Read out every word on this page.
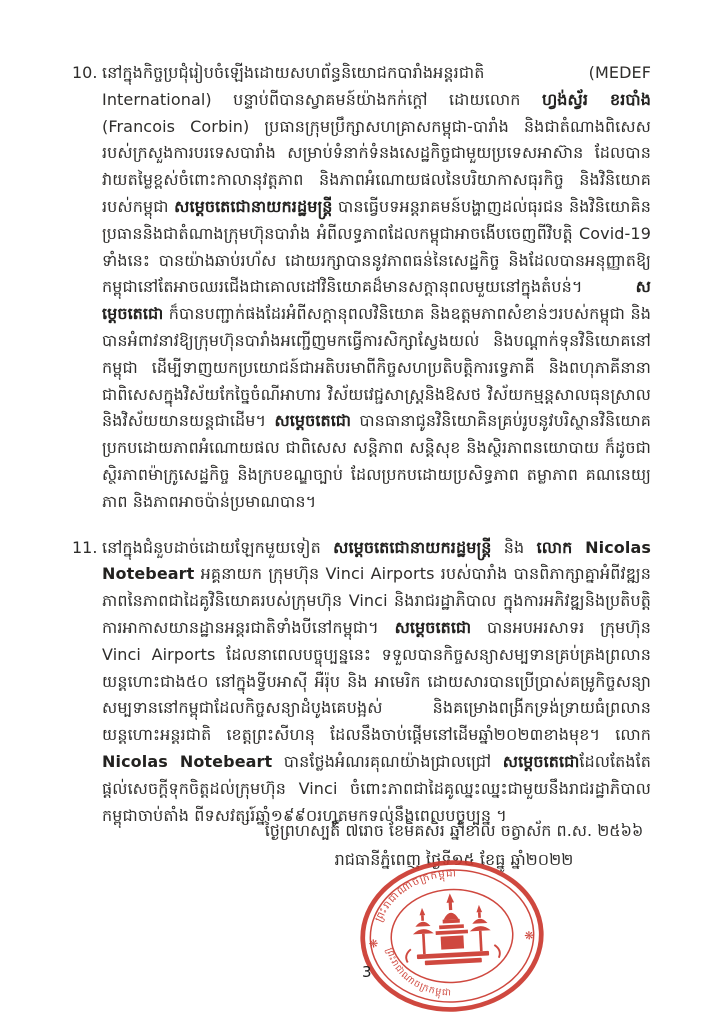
10. នៅក្នុងកិច្ចប្រជុំរៀបចំឡើងដោយសហព័ន្ធនិយោជកបារាំងអន្តរជាតិ (MEDEF International) បន្ទាប់ពីបានស្វាគមន៍យ៉ាងកក់ក្តៅ ដោយលោក ហ្វង់ស្វ័រ ខរបាំង (Francois Corbin) ប្រធានក្រុមប្រឹក្សាសហគ្រាសកម្ពុជា-បារាំង និងជាតំណាងពិសេសរបស់ក្រសួងការបរទេសបារាំង សម្រាប់ទំនាក់ទំនងសេដ្ឋកិច្ចជាមួយប្រទេសអាស៊ាន ដែលបានវាយតម្លៃខ្ពស់ចំពោះកាលានុវត្តភាព និងភាពអំណោយផលនៃបរិយាកាសធុរកិច្ច និងវិនិយោគរបស់កម្ពុជា សម្តេចតេជោនាយករដ្ឋមន្ត្រី បានធ្វើបទអន្តរាគមន៍បង្ហាញដល់ធុរជន និងវិនិយោគិន ប្រធាននិងជាតំណាងក្រុមហ៊ុនបារាំង អំពីលទ្ធភាពដែលកម្ពុជាអាចងើបចេញពីវិបត្តិ Covid-19 ទាំងនេះ បានយ៉ាងឆាប់រហ័ស ដោយរក្សាបាននូវភាពធន់នៃសេដ្ឋកិច្ច និងដែលបានអនុញ្ញាតឱ្យកម្ពុជានៅតែអាចឈរជើងជាគោលដៅវិនិយោគដ៏មានសក្តានុពលមួយនៅក្នុងតំបន់។ សម្តេចតេជោ ក៏បានបញ្ជាក់ផងដែរអំពីសក្តានុពលវិនិយោគ និងឧត្តមភាពសំខាន់ៗរបស់កម្ពុជា និងបានអំពាវនាវឱ្យក្រុមហ៊ុនបារាំងអញ្ជើញមកធ្វើការសិក្សាស្វែងយល់ និងបណ្តាក់ទុនវិនិយោគនៅកម្ពុជា ដើម្បីទាញយកប្រយោជន៍ជាអតិបរមាពីកិច្ចសហប្រតិបត្តិការទ្វេភាគី និងពហុភាគីនានា ជាពិសេសក្នុងវិស័យកែច្នៃចំណីអាហារ វិស័យវេជ្ជសាស្ត្រនិងឱសថ វិស័យកម្មន្តសាលធុនស្រាល និងវិស័យយានយន្តជាដើម។ សម្តេចតេជោ បានធានាជូនវិនិយោគិនគ្រប់រូបនូវបរិស្ថានវិនិយោគប្រកបដោយភាពអំណោយផល ជាពិសេស សន្តិភាព សន្តិសុខ និងស្ថិរភាពនយោបាយ ក៏ដូចជាស្ថិរភាពម៉ាក្រូសេដ្ឋកិច្ច និងក្របខណ្ឌច្បាប់ ដែលប្រកបដោយប្រសិទ្ធភាព តម្លាភាព គណនេយ្យភាព និងភាពអាចប៉ាន់ប្រមាណបាន។

11. នៅក្នុងជំនួបដាច់ដោយឡែកមួយទៀត សម្តេចតេជោនាយករដ្ឋមន្ត្រី និង លោក Nicolas Notebeart អគ្គនាយក ក្រុមហ៊ុន Vinci Airports របស់បារាំង បានពិភាក្សាគ្នាអំពីវឌ្ឍនភាពនៃភាពជាដៃគូវិនិយោគរបស់ក្រុមហ៊ុន Vinci និងរាជរដ្ឋាភិបាល ក្នុងការអភិវឌ្ឍនិងប្រតិបត្តិការអាកាសយានដ្ឋានអន្តរជាតិទាំងបីនៅកម្ពុជា។ សម្តេចតេជោ បានអបអរសាទរ ក្រុមហ៊ុន Vinci Airports ដែលនាពេលបច្ចុប្បន្ននេះ ទទួលបានកិច្ចសន្យាសម្បទានគ្រប់គ្រងព្រលានយន្តហោះជាង៥០ នៅក្នុងទ្វីបអាស៊ី អឺរ៉ុប និង អាមេរិក ដោយសារបានប្រើប្រាស់គម្រូកិច្ចសន្យាសម្បទាននៅកម្ពុជាដែលកិច្ចសន្យាដំបូងគេបង្អស់ និងគម្រោងពង្រីកទ្រង់ទ្រាយធំព្រលានយន្តហោះអន្តរជាតិ ខេត្តព្រះសីហនុ ដែលនឹងចាប់ផ្តើមនៅដើមឆ្នាំ២០២៣ខាងមុខ។ លោក Nicolas Notebeart បានថ្លែងអំណរគុណយ៉ាងជ្រាលជ្រៅ សម្តេចតេជោដែលតែងតែផ្តល់សេចក្តីទុកចិត្តដល់ក្រុមហ៊ុន Vinci ចំពោះភាពជាដៃគូឈ្នះឈ្នះជាមួយនឹងរាជរដ្ឋាភិបាលកម្ពុជាចាប់តាំង ពីទសវត្សរ៍ឆ្នាំ១៩៩០រហូតមកទល់នឹងពេលបច្ចុប្បន្ន ។

ថ្ងៃព្រហស្បតិ៍ ៧រោច ខែមិគសិរ ឆ្នាំខាល ចត្វាស័ក ព.ស. ២៥៦៦
រាជធានីភ្នំពេញ ថ្ងៃទី១៥ ខែធ្នូ ឆ្នាំ២០២២
3
ព្រះរាជាណាចក្រកម្ពុជា
ព្រះរាជាណាចក្រកម្ពុជា
❋
❋
